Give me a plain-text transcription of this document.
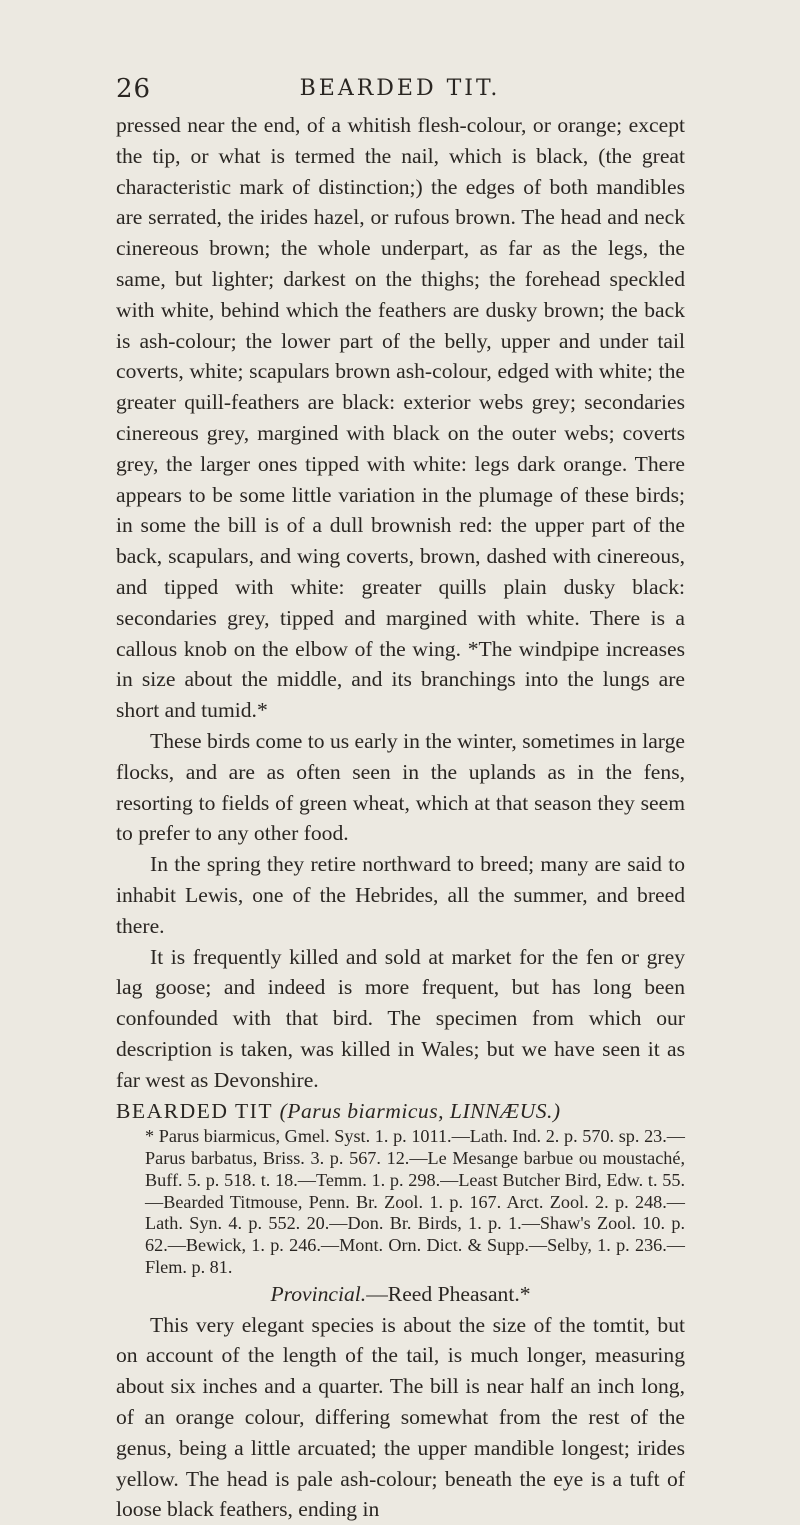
26	BEARDED TIT.

pressed near the end, of a whitish flesh-colour, or orange; except the tip, or what is termed the nail, which is black, (the great characteristic mark of distinction;) the edges of both mandibles are serrated, the irides hazel, or rufous brown. The head and neck cinereous brown; the whole underpart, as far as the legs, the same, but lighter; darkest on the thighs; the forehead speckled with white, behind which the feathers are dusky brown; the back is ash-colour; the lower part of the belly, upper and under tail coverts, white; scapulars brown ash-colour, edged with white; the greater quill-feathers are black: exterior webs grey; secondaries cinereous grey, margined with black on the outer webs; coverts grey, the larger ones tipped with white: legs dark orange. There appears to be some little variation in the plumage of these birds; in some the bill is of a dull brownish red: the upper part of the back, scapulars, and wing coverts, brown, dashed with cinereous, and tipped with white: greater quills plain dusky black: secondaries grey, tipped and margined with white. There is a callous knob on the elbow of the wing. *The windpipe increases in size about the middle, and its branchings into the lungs are short and tumid.*

These birds come to us early in the winter, sometimes in large flocks, and are as often seen in the uplands as in the fens, resorting to fields of green wheat, which at that season they seem to prefer to any other food.

In the spring they retire northward to breed; many are said to inhabit Lewis, one of the Hebrides, all the summer, and breed there.

It is frequently killed and sold at market for the fen or grey lag goose; and indeed is more frequent, but has long been confounded with that bird. The specimen from which our description is taken, was killed in Wales; but we have seen it as far west as Devonshire.

BEARDED TIT (Parus biarmicus, LINNÆUS.)

* Parus biarmicus, Gmel. Syst. 1. p. 1011.—Lath. Ind. 2. p. 570. sp. 23.—Parus barbatus, Briss. 3. p. 567. 12.—Le Mesange barbue ou moustaché, Buff. 5. p. 518. t. 18.—Temm. 1. p. 298.—Least Butcher Bird, Edw. t. 55.—Bearded Titmouse, Penn. Br. Zool. 1. p. 167. Arct. Zool. 2. p. 248.—Lath. Syn. 4. p. 552. 20.—Don. Br. Birds, 1. p. 1.—Shaw's Zool. 10. p. 62.—Bewick, 1. p. 246.—Mont. Orn. Dict. & Supp.—Selby, 1. p. 236.—Flem. p. 81.

Provincial.—Reed Pheasant.*

This very elegant species is about the size of the tomtit, but on account of the length of the tail, is much longer, measuring about six inches and a quarter. The bill is near half an inch long, of an orange colour, differing somewhat from the rest of the genus, being a little arcuated; the upper mandible longest; irides yellow. The head is pale ash-colour; beneath the eye is a tuft of loose black feathers, ending in
